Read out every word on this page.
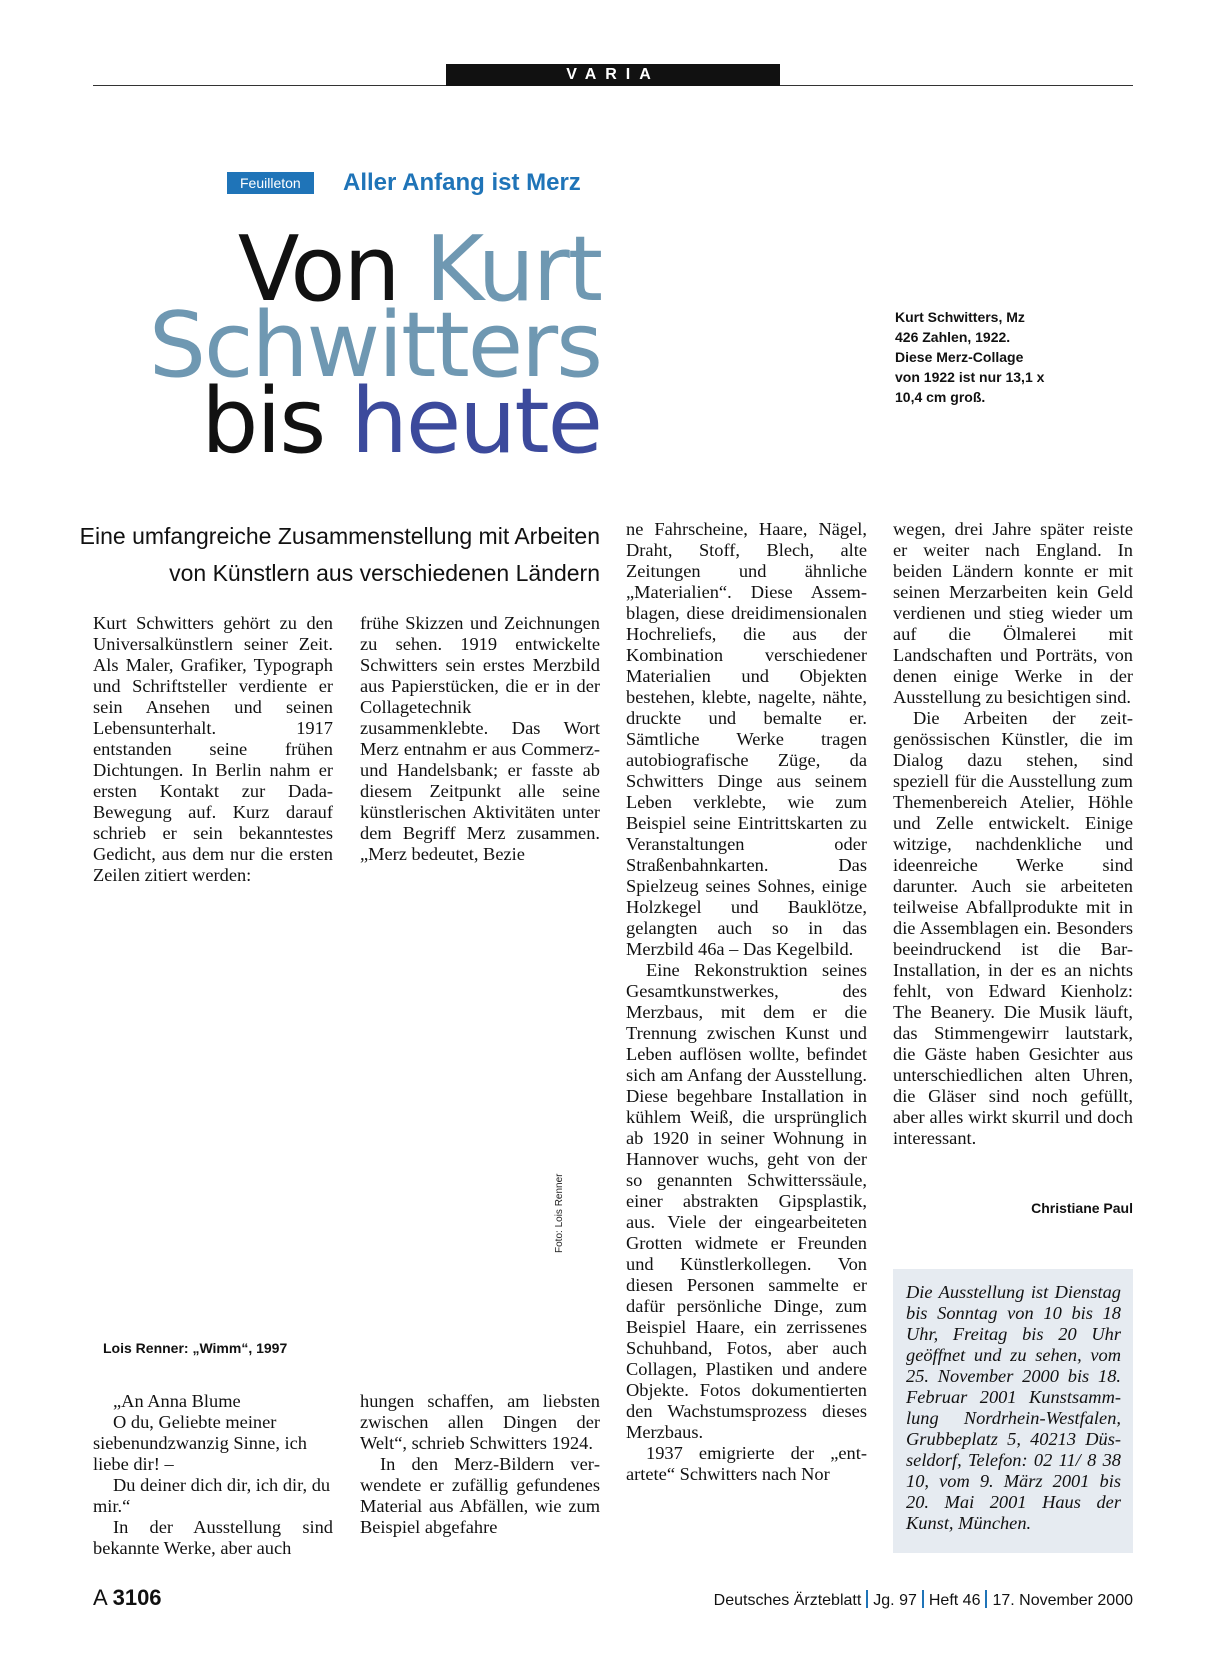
VARIA
Feuilleton	Aller Anfang ist Merz
Von Kurt
Schwitters
bis heute
Kurt Schwitters, Mz 426 Zahlen, 1922. Diese Merz-Collage von 1922 ist nur 13,1 x 10,4 cm groß.
Eine umfangreiche Zusammenstellung mit Arbeiten
von Künstlern aus verschiedenen Ländern

Kurt Schwitters gehört zu den Universalkünstlern seiner Zeit. Als Maler, Grafiker, Typograph und Schriftsteller verdiente er sein Ansehen und seinen Lebensunterhalt. 1917 entstanden seine frühen Dichtungen. In Berlin nahm er ersten Kontakt zur Dada-Bewegung auf. Kurz darauf schrieb er sein bekanntestes Gedicht, aus dem nur die ersten Zeilen zitiert werden:

frühe Skizzen und Zeichnungen zu sehen. 1919 entwickelte Schwitters sein erstes Merzbild aus Papierstücken, die er in der Collagetechnik zusammenklebte. Das Wort Merz entnahm er aus Commerz- und Handelsbank; er fasste ab diesem Zeitpunkt alle seine künstlerischen Aktivitäten unter dem Begriff Merz zusammen. „Merz bedeutet, Bezie

Foto: Lois Renner
Lois Renner: „Wimm“, 1997

„An Anna Blume

O du, Geliebte meiner siebenundzwanzig Sinne, ich liebe dir! –

Du deiner dich dir, ich dir, du mir.“

In der Ausstellung sind bekannte Werke, aber auch

hungen schaffen, am liebsten zwischen allen Dingen der Welt“, schrieb Schwitters 1924.

In den Merz-Bildern verwendete er zufällig gefundenes Material aus Abfällen, wie zum Beispiel abgefahre

ne Fahrscheine, Haare, Nägel, Draht, Stoff, Blech, alte Zeitungen und ähnliche „Materialien“. Diese Assemblagen, diese dreidimensionalen Hochreliefs, die aus der Kombination verschiedener Materialien und Objekten bestehen, klebte, nagelte, nähte, druckte und bemalte er. Sämtliche Werke tragen autobiografische Züge, da Schwitters Dinge aus seinem Leben verklebte, wie zum Beispiel seine Eintrittskarten zu Veranstaltungen oder Straßenbahnkarten. Das Spielzeug seines Sohnes, einige Holzkegel und Bauklötze, gelangten auch so in das Merzbild 46a – Das Kegelbild.

Eine Rekonstruktion seines Gesamtkunstwerkes, des Merzbaus, mit dem er die Trennung zwischen Kunst und Leben auflösen wollte, befindet sich am Anfang der Ausstellung. Diese begehbare Installation in kühlem Weiß, die ursprünglich ab 1920 in seiner Wohnung in Hannover wuchs, geht von der so genannten Schwitterssäule, einer abstrakten Gipsplastik, aus. Viele der eingearbeiteten Grotten widmete er Freunden und Künstlerkollegen. Von diesen Personen sammelte er dafür persönliche Dinge, zum Beispiel Haare, ein zerrissenes Schuhband, Fotos, aber auch Collagen, Plastiken und andere Objekte. Fotos dokumentierten den Wachstumsprozess dieses Merzbaus.

1937 emigrierte der „entartete“ Schwitters nach Nor

wegen, drei Jahre später reiste er weiter nach England. In beiden Ländern konnte er mit seinen Merzarbeiten kein Geld verdienen und stieg wieder um auf die Ölmalerei mit Landschaften und Porträts, von denen einige Werke in der Ausstellung zu besichtigen sind.

Die Arbeiten der zeitgenössischen Künstler, die im Dialog dazu stehen, sind speziell für die Ausstellung zum Themenbereich Atelier, Höhle und Zelle entwickelt. Einige witzige, nachdenkliche und ideenreiche Werke sind darunter. Auch sie arbeiteten teilweise Abfallprodukte mit in die Assemblagen ein. Besonders beeindruckend ist die Bar-Installation, in der es an nichts fehlt, von Edward Kienholz: The Beanery. Die Musik läuft, das Stimmengewirr lautstark, die Gäste haben Gesichter aus unterschiedlichen alten Uhren, die Gläser sind noch gefüllt, aber alles wirkt skurril und doch interessant.

Christiane Paul
Die Ausstellung ist Dienstag bis Sonntag von 10 bis 18 Uhr, Freitag bis 20 Uhr geöffnet und zu sehen, vom 25. November 2000 bis 18. Februar 2001 Kunstsammlung Nordrhein-Westfalen, Grubbeplatz 5, 40213 Düsseldorf, Telefon: 02 11/ 8 38 10, vom 9. März 2001 bis 20. Mai 2001 Haus der Kunst, München.
A 3106	Deutsches Ärzteblatt Jg. 97 Heft 46 17. November 2000
